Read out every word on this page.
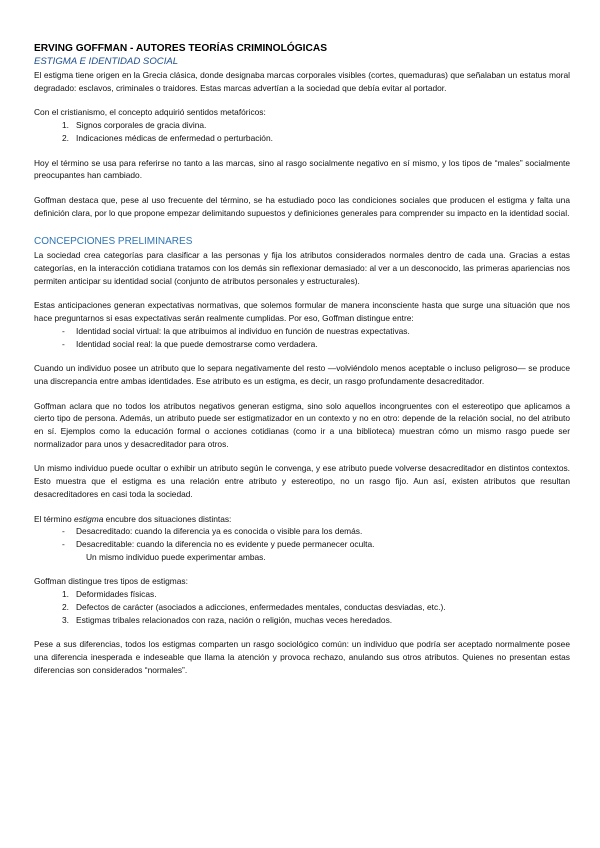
ERVING GOFFMAN - AUTORES TEORÍAS CRIMINOLÓGICAS
ESTIGMA E IDENTIDAD SOCIAL

El estigma tiene origen en la Grecia clásica, donde designaba marcas corporales visibles (cortes, quemaduras) que señalaban un estatus moral degradado: esclavos, criminales o traidores. Estas marcas advertían a la sociedad que debía evitar al portador.

Con el cristianismo, el concepto adquirió sentidos metafóricos:

1. Signos corporales de gracia divina.
2. Indicaciones médicas de enfermedad o perturbación.

Hoy el término se usa para referirse no tanto a las marcas, sino al rasgo socialmente negativo en sí mismo, y los tipos de “males” socialmente preocupantes han cambiado.

Goffman destaca que, pese al uso frecuente del término, se ha estudiado poco las condiciones sociales que producen el estigma y falta una definición clara, por lo que propone empezar delimitando supuestos y definiciones generales para comprender su impacto en la identidad social.

CONCEPCIONES PRELIMINARES

La sociedad crea categorías para clasificar a las personas y fija los atributos considerados normales dentro de cada una. Gracias a estas categorías, en la interacción cotidiana tratamos con los demás sin reflexionar demasiado: al ver a un desconocido, las primeras apariencias nos permiten anticipar su identidad social (conjunto de atributos personales y estructurales).

Estas anticipaciones generan expectativas normativas, que solemos formular de manera inconsciente hasta que surge una situación que nos hace preguntarnos si esas expectativas serán realmente cumplidas. Por eso, Goffman distingue entre:

- Identidad social virtual: la que atribuimos al individuo en función de nuestras expectativas.
- Identidad social real: la que puede demostrarse como verdadera.

Cuando un individuo posee un atributo que lo separa negativamente del resto —volviéndolo menos aceptable o incluso peligroso— se produce una discrepancia entre ambas identidades. Ese atributo es un estigma, es decir, un rasgo profundamente desacreditador.

Goffman aclara que no todos los atributos negativos generan estigma, sino solo aquellos incongruentes con el estereotipo que aplicamos a cierto tipo de persona. Además, un atributo puede ser estigmatizador en un contexto y no en otro: depende de la relación social, no del atributo en sí. Ejemplos como la educación formal o acciones cotidianas (como ir a una biblioteca) muestran cómo un mismo rasgo puede ser normalizador para unos y desacreditador para otros.

Un mismo individuo puede ocultar o exhibir un atributo según le convenga, y ese atributo puede volverse desacreditador en distintos contextos. Esto muestra que el estigma es una relación entre atributo y estereotipo, no un rasgo fijo. Aun así, existen atributos que resultan desacreditadores en casi toda la sociedad.

El término estigma encubre dos situaciones distintas:

- Desacreditado: cuando la diferencia ya es conocida o visible para los demás.
- Desacreditable: cuando la diferencia no es evidente y puede permanecer oculta.

Un mismo individuo puede experimentar ambas.

Goffman distingue tres tipos de estigmas:

1. Deformidades físicas.
2. Defectos de carácter (asociados a adicciones, enfermedades mentales, conductas desviadas, etc.).
3. Estigmas tribales relacionados con raza, nación o religión, muchas veces heredados.

Pese a sus diferencias, todos los estigmas comparten un rasgo sociológico común: un individuo que podría ser aceptado normalmente posee una diferencia inesperada e indeseable que llama la atención y provoca rechazo, anulando sus otros atributos. Quienes no presentan estas diferencias son considerados “normales”.
